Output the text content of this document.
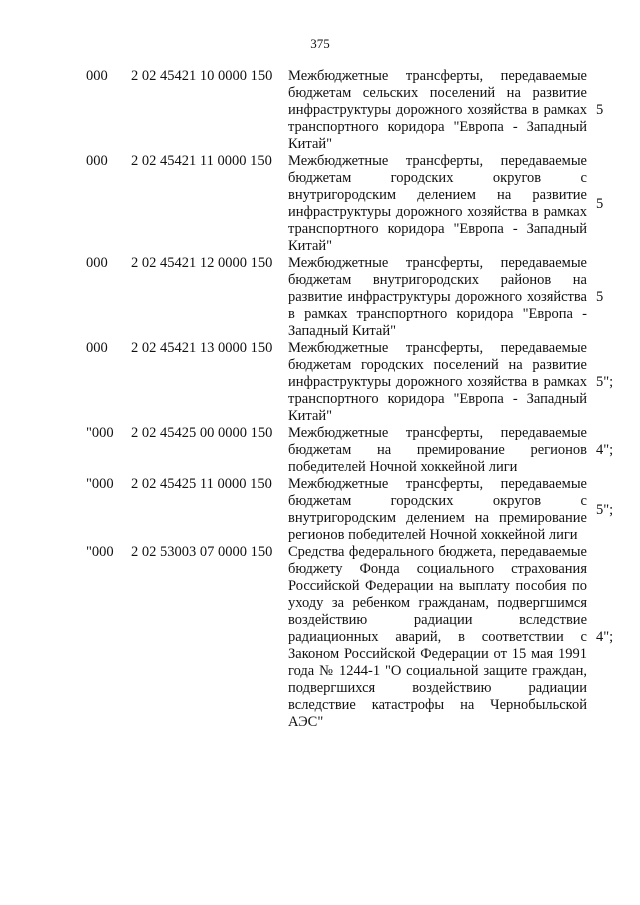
375
000 2 02 45421 10 0000 150 Межбюджетные трансферты, передаваемые бюджетам сельских поселений на развитие инфраструктуры дорожного хозяйства в рамках транспортного коридора "Европа - Западный Китай"
5
000 2 02 45421 11 0000 150 Межбюджетные трансферты, передаваемые бюджетам городских округов с внутригородским делением на развитие инфраструктуры дорожного хозяйства в рамках транспортного коридора "Европа - Западный Китай"
5
000 2 02 45421 12 0000 150 Межбюджетные трансферты, передаваемые бюджетам внутригородских районов на развитие инфраструктуры дорожного хозяйства в рамках транспортного коридора "Европа - Западный Китай"
5
000 2 02 45421 13 0000 150 Межбюджетные трансферты, передаваемые бюджетам городских поселений на развитие инфраструктуры дорожного хозяйства в рамках транспортного коридора "Европа - Западный Китай"
5";
"000 2 02 45425 00 0000 150 Межбюджетные трансферты, передаваемые бюджетам на премирование регионов победителей Ночной хоккейной лиги
4";
"000 2 02 45425 11 0000 150 Межбюджетные трансферты, передаваемые бюджетам городских округов с внутригородским делением на премирование регионов победителей Ночной хоккейной лиги
5";
"000 2 02 53003 07 0000 150 Средства федерального бюджета, передаваемые бюджету Фонда социального страхования Российской Федерации на выплату пособия по уходу за ребенком гражданам, подвергшимся воздействию радиации вследствие радиационных аварий, в соответствии с Законом Российской Федерации от 15 мая 1991 года № 1244-1 "О социальной защите граждан, подвергшихся воздействию радиации вследствие катастрофы на Чернобыльской АЭС"
4";
